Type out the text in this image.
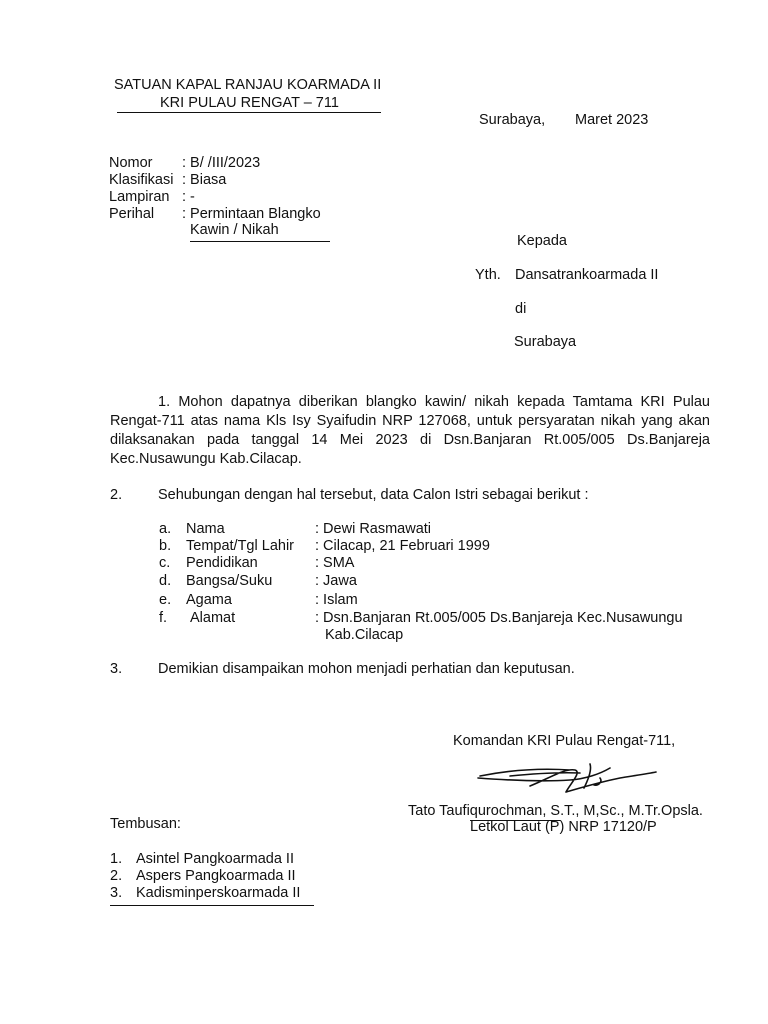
SATUAN KAPAL RANJAU KOARMADA II
KRI PULAU RENGAT – 711
Surabaya, Maret 2023
Nomor : B/ /III/2023
Klasifikasi : Biasa
Lampiran : -
Perihal : Permintaan Blangko
Kawin / Nikah
Kepada
Yth. Dansatrankoarmada II
di
Surabaya
1. Mohon dapatnya diberikan blangko kawin/ nikah kepada Tamtama KRI Pulau Rengat-711 atas nama Kls Isy Syaifudin NRP 127068, untuk persyaratan nikah yang akan dilaksanakan pada tanggal 14 Mei 2023 di Dsn.Banjaran Rt.005/005 Ds.Banjareja Kec.Nusawungu Kab.Cilacap.
2. Sehubungan dengan hal tersebut, data Calon Istri sebagai berikut :
a. Nama	: Dewi Rasmawati
b. Tempat/Tgl Lahir : Cilacap, 21 Februari 1999
c. Pendidikan	: SMA
d. Bangsa/Suku	: Jawa
e. Agama	: Islam
f. Alamat	: Dsn.Banjaran Rt.005/005 Ds.Banjareja Kec.Nusawungu
Kab.Cilacap
3. Demikian disampaikan mohon menjadi perhatian dan keputusan.
Komandan KRI Pulau Rengat-711,
Tato Taufiqurochman, S.T., M,Sc., M.Tr.Opsla.
Letkol Laut (P) NRP 17120/P
Tembusan:
1. Asintel Pangkoarmada II
2. Aspers Pangkoarmada II
3. Kadisminperskoarmada II
